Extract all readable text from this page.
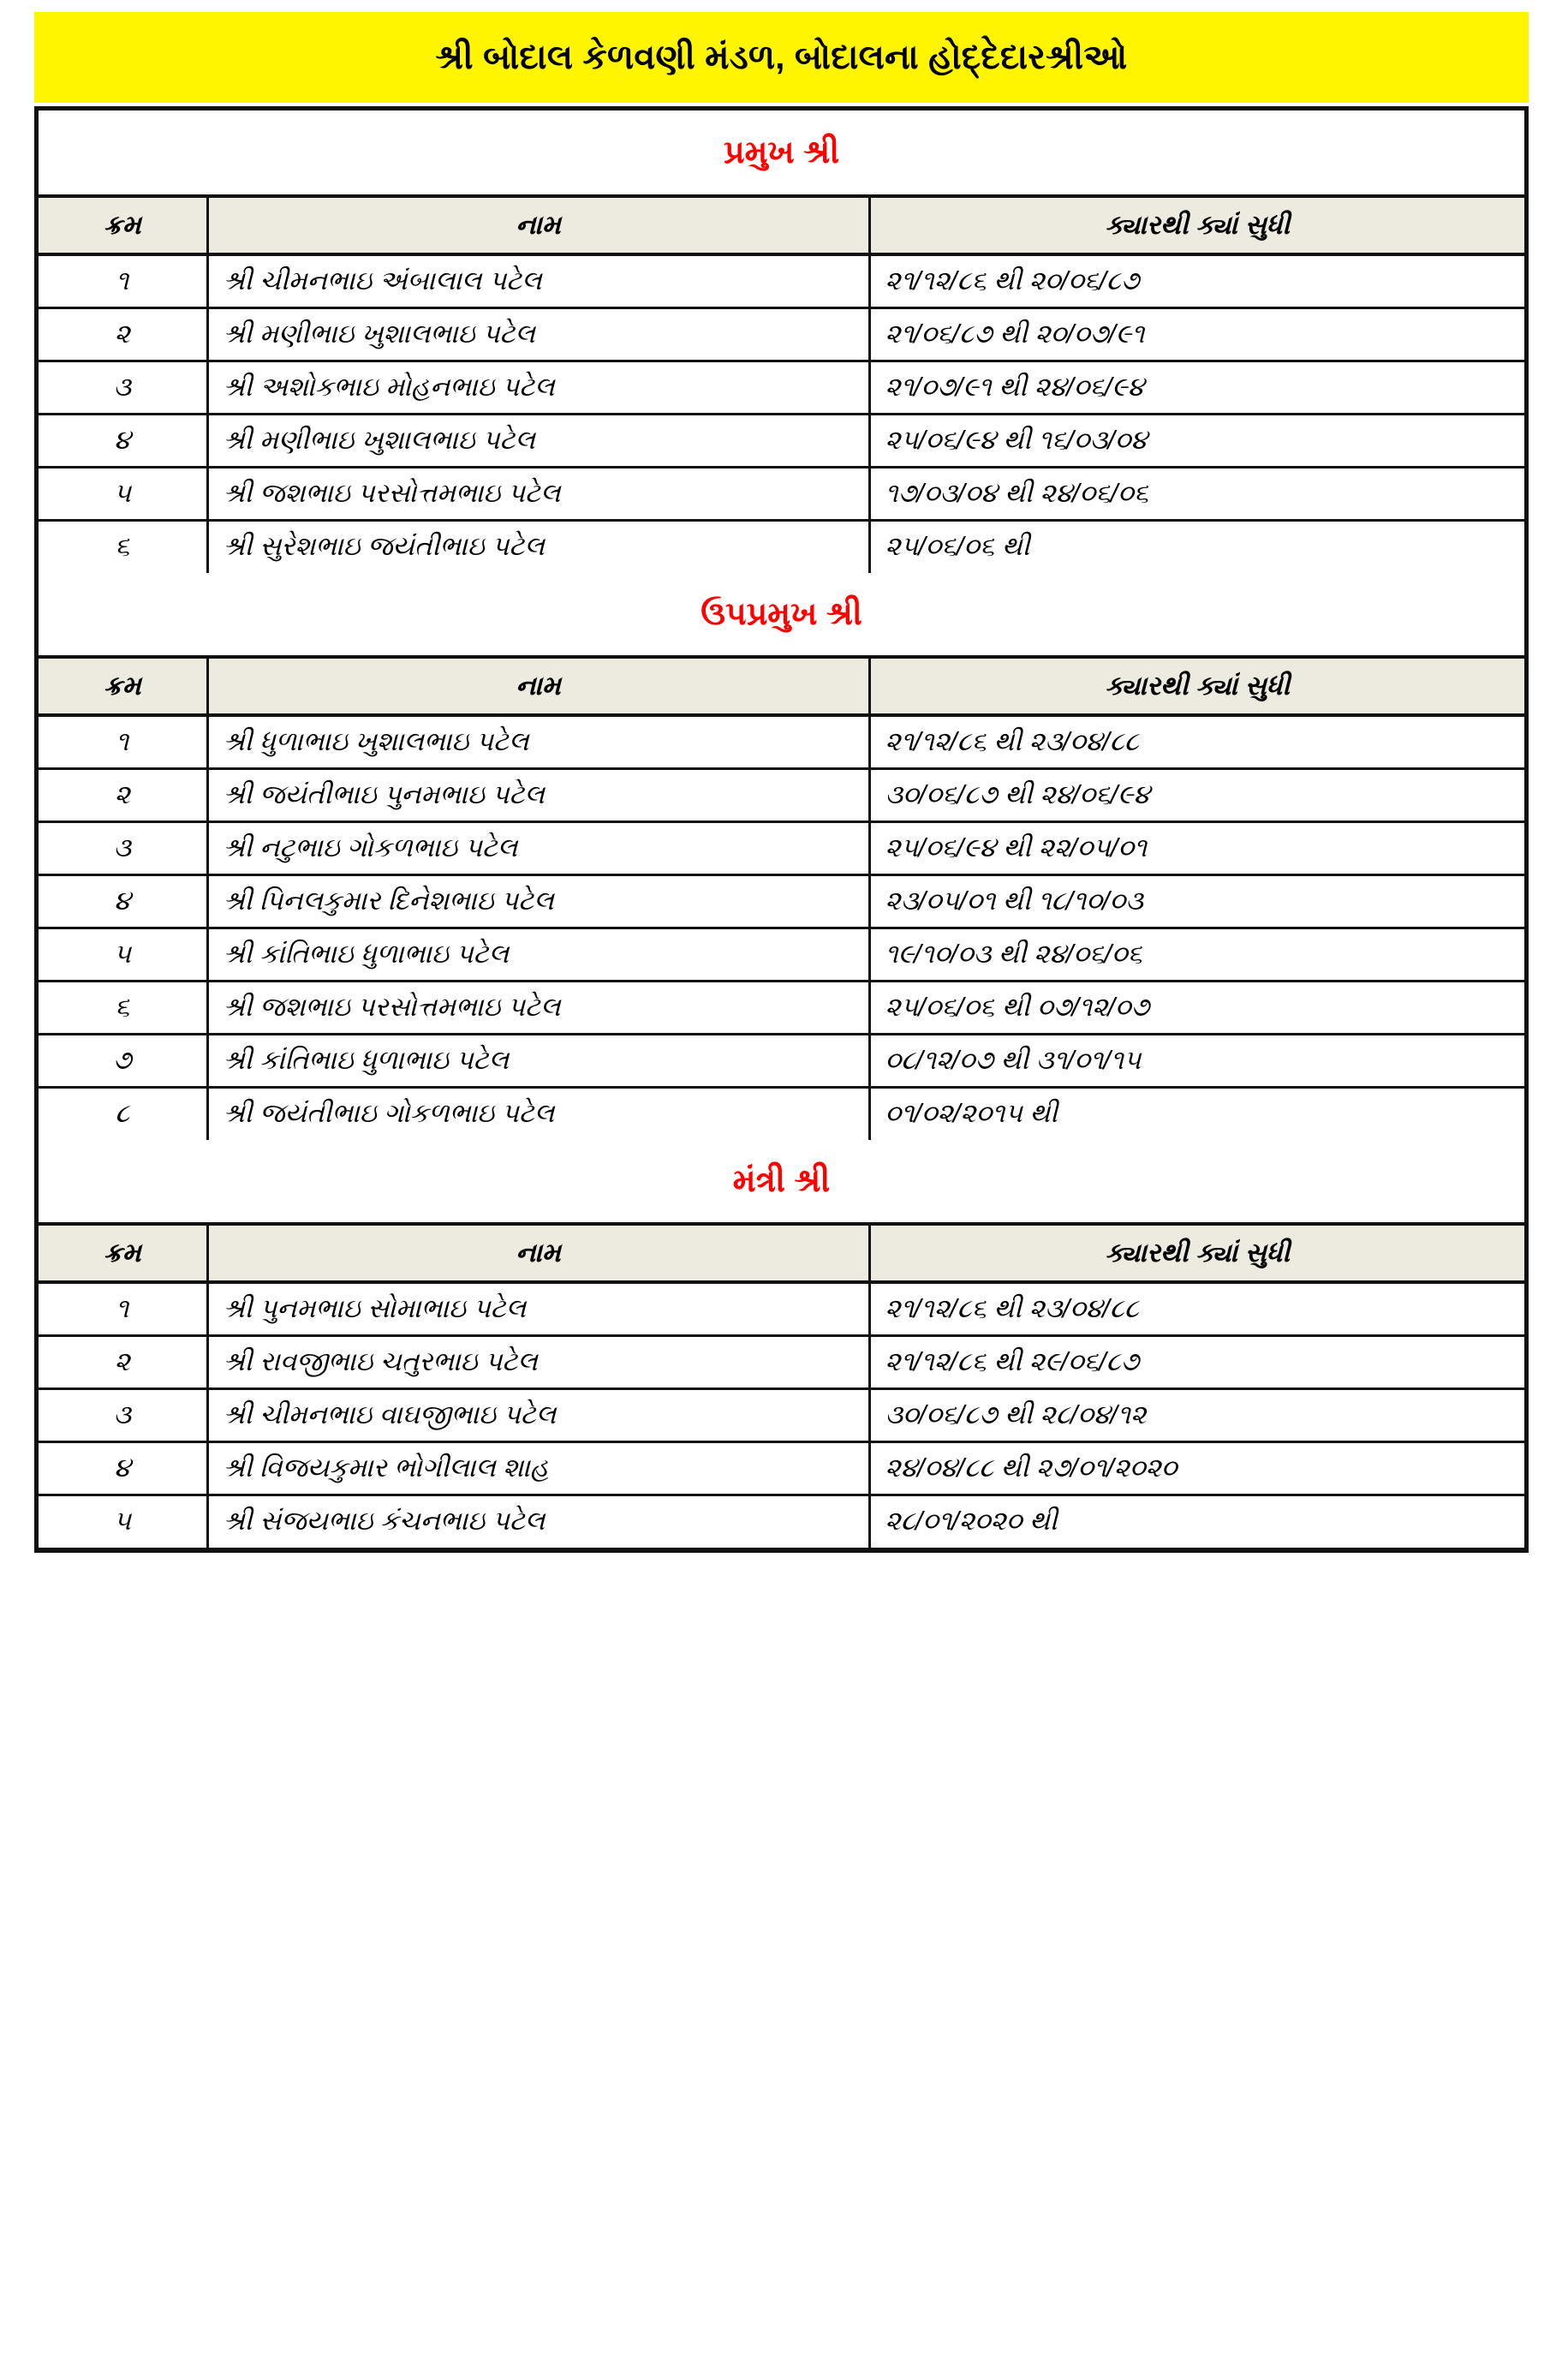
શ્રી બોદાલ કેળવણી મંડળ, બોદાલના હોદ્દેદારશ્રીઓ
પ્રમુખ શ્રી
ક્રમ	નામ	ક્યારથી ક્યાં સુધી
૧	શ્રી ચીમનભાઇ અંબાલાલ પટેલ	૨૧/૧૨/૮૬ થી ૨૦/૦૬/૮૭
૨	શ્રી મણીભાઇ ખુશાલભાઇ પટેલ	૨૧/૦૬/૮૭ થી ૨૦/૦૭/૯૧
૩	શ્રી અશોકભાઇ મોહનભાઇ પટેલ	૨૧/૦૭/૯૧ થી ૨૪/૦૬/૯૪
૪	શ્રી મણીભાઇ ખુશાલભાઇ પટેલ	૨૫/૦૬/૯૪ થી ૧૬/૦૩/૦૪
૫	શ્રી જશભાઇ પરસોત્તમભાઇ પટેલ	૧૭/૦૩/૦૪ થી ૨૪/૦૬/૦૬
૬	શ્રી સુરેશભાઇ જયંતીભાઇ પટેલ	૨૫/૦૬/૦૬ થી
ઉપપ્રમુખ શ્રી
ક્રમ	નામ	ક્યારથી ક્યાં સુધી
૧	શ્રી ધુળાભાઇ ખુશાલભાઇ પટેલ	૨૧/૧૨/૮૬ થી ૨૩/૦૪/૮૮
૨	શ્રી જયંતીભાઇ પુનમભાઇ પટેલ	૩૦/૦૬/૮૭ થી ૨૪/૦૬/૯૪
૩	શ્રી નટુભાઇ ગોકળભાઇ પટેલ	૨૫/૦૬/૯૪ થી ૨૨/૦૫/૦૧
૪	શ્રી પિનલકુમાર દિનેશભાઇ પટેલ	૨૩/૦૫/૦૧ થી ૧૮/૧૦/૦૩
૫	શ્રી કાંતિભાઇ ધુળાભાઇ પટેલ	૧૯/૧૦/૦૩ થી ૨૪/૦૬/૦૬
૬	શ્રી જશભાઇ પરસોત્તમભાઇ પટેલ	૨૫/૦૬/૦૬ થી ૦૭/૧૨/૦૭
૭	શ્રી કાંતિભાઇ ધુળાભાઇ પટેલ	૦૮/૧૨/૦૭ થી ૩૧/૦૧/૧૫
૮	શ્રી જયંતીભાઇ ગોકળભાઇ પટેલ	૦૧/૦૨/૨૦૧૫ થી
મંત્રી શ્રી
ક્રમ	નામ	ક્યારથી ક્યાં સુધી
૧	શ્રી પુનમભાઇ સોમાભાઇ પટેલ	૨૧/૧૨/૮૬ થી ૨૩/૦૪/૮૮
૨	શ્રી રાવજીભાઇ ચતુરભાઇ પટેલ	૨૧/૧૨/૮૬ થી ૨૯/૦૬/૮૭
૩	શ્રી ચીમનભાઇ વાઘજીભાઇ પટેલ	૩૦/૦૬/૮૭ થી ૨૮/૦૪/૧૨
૪	શ્રી વિજયકુમાર ભોગીલાલ શાહ	૨૪/૦૪/૮૮ થી ૨૭/૦૧/૨૦૨૦
૫	શ્રી સંજયભાઇ કંચનભાઇ પટેલ	૨૮/૦૧/૨૦૨૦ થી
